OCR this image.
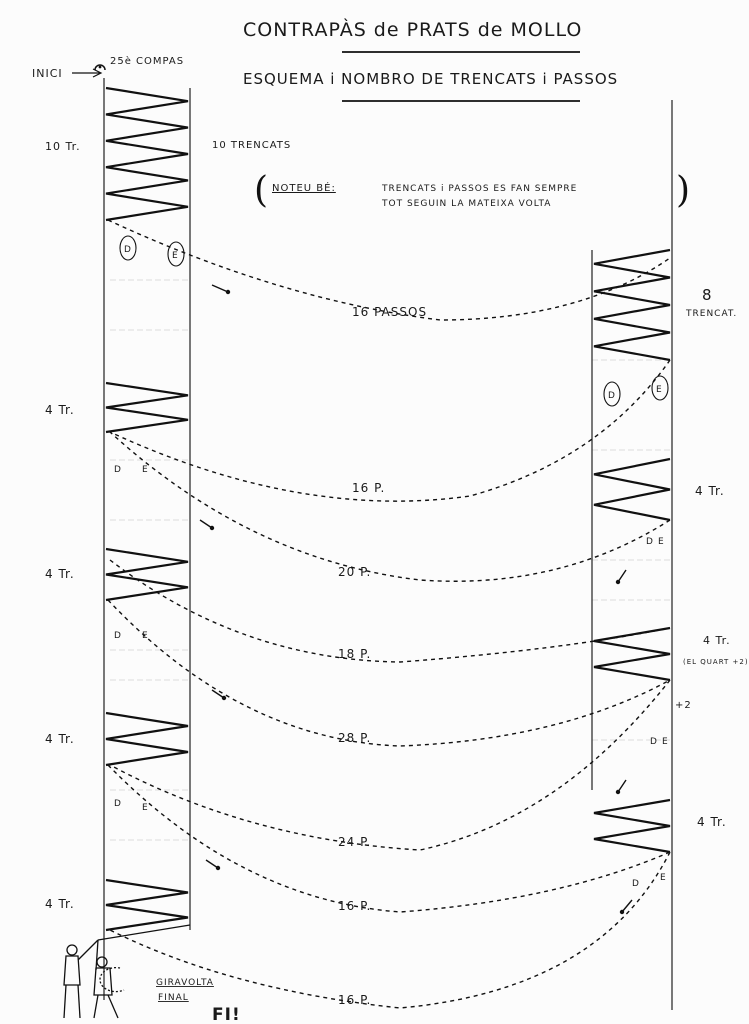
CONTRAPÀS de PRATS de MOLLO
ESQUEMA i NOMBRO DE TRENCATS i PASSOS
INICI
25è COMPAS
( NOTEU BÉ:	TRENCATS i PASSOS ES FAN SEMPRE
TOT SEGUIN LA MATEIXA VOLTA	)
D
E
D
E
D E
D E
D E
D E
D E
D
E
10 Tr.	10 TRENCATS
4 Tr.
4 Tr.
4 Tr.
4 Tr.
8
TRENCAT.
4 Tr.
4 Tr.
(EL QUART +2)
+2
4 Tr.
16 PASSOS
16 P.
20 P.
18 P.
28 P.
24 P.
16 P.
16 P.
GIRAVOLTA
FINAL
FI!
